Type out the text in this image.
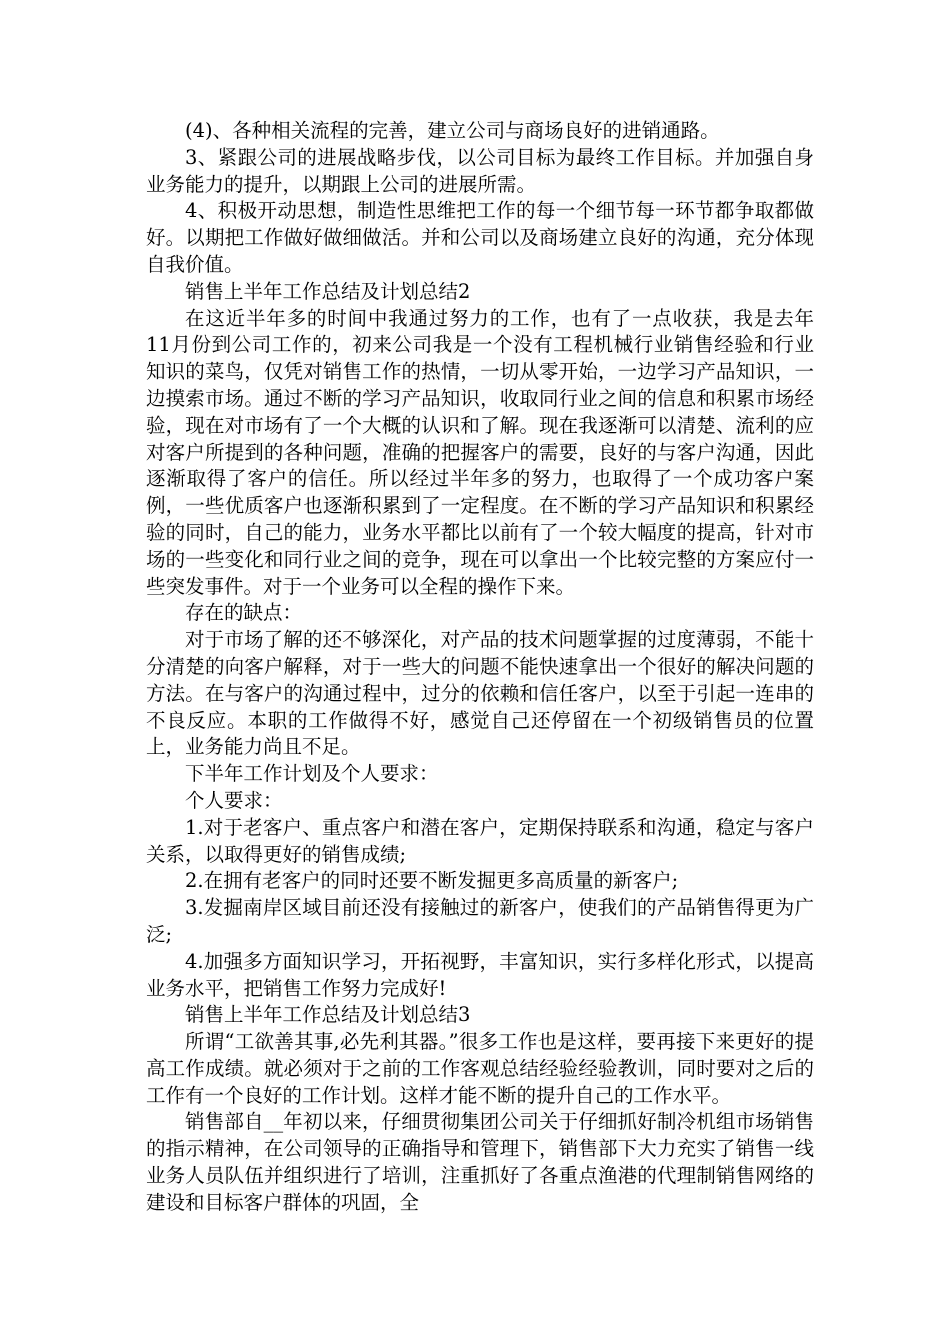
(4)、各种相关流程的完善，建立公司与商场良好的进销通路。

3、紧跟公司的进展战略步伐，以公司目标为最终工作目标。并加强自身业务能力的提升，以期跟上公司的进展所需。

4、积极开动思想，制造性思维把工作的每一个细节每一环节都争取都做好。以期把工作做好做细做活。并和公司以及商场建立良好的沟通，充分体现自我价值。

销售上半年工作总结及计划总结2

在这近半年多的时间中我通过努力的工作，也有了一点收获，我是去年11月份到公司工作的，初来公司我是一个没有工程机械行业销售经验和行业知识的菜鸟，仅凭对销售工作的热情，一切从零开始，一边学习产品知识，一边摸索市场。通过不断的学习产品知识，收取同行业之间的信息和积累市场经验，现在对市场有了一个大概的认识和了解。现在我逐渐可以清楚、流利的应对客户所提到的各种问题，准确的把握客户的需要，良好的与客户沟通，因此逐渐取得了客户的信任。所以经过半年多的努力，也取得了一个成功客户案例，一些优质客户也逐渐积累到了一定程度。在不断的学习产品知识和积累经验的同时，自己的能力，业务水平都比以前有了一个较大幅度的提高，针对市场的一些变化和同行业之间的竞争，现在可以拿出一个比较完整的方案应付一些突发事件。对于一个业务可以全程的操作下来。

存在的缺点：

对于市场了解的还不够深化，对产品的技术问题掌握的过度薄弱，不能十分清楚的向客户解释，对于一些大的问题不能快速拿出一个很好的解决问题的方法。在与客户的沟通过程中，过分的依赖和信任客户，以至于引起一连串的不良反应。本职的工作做得不好，感觉自己还停留在一个初级销售员的位置上，业务能力尚且不足。

下半年工作计划及个人要求：

个人要求：

1.对于老客户、重点客户和潜在客户，定期保持联系和沟通，稳定与客户关系，以取得更好的销售成绩;

2.在拥有老客户的同时还要不断发掘更多高质量的新客户;

3.发掘南岸区域目前还没有接触过的新客户，使我们的产品销售得更为广泛;

4.加强多方面知识学习，开拓视野，丰富知识，实行多样化形式，以提高业务水平，把销售工作努力完成好!

销售上半年工作总结及计划总结3

所谓“工欲善其事,必先利其器。”很多工作也是这样，要再接下来更好的提高工作成绩。就必须对于之前的工作客观总结经验经验教训，同时要对之后的工作有一个良好的工作计划。这样才能不断的提升自己的工作水平。

销售部自__年初以来，仔细贯彻集团公司关于仔细抓好制冷机组市场销售的指示精神，在公司领导的正确指导和管理下，销售部下大力充实了销售一线业务人员队伍并组织进行了培训，注重抓好了各重点渔港的代理制销售网络的建设和目标客户群体的巩固，全
